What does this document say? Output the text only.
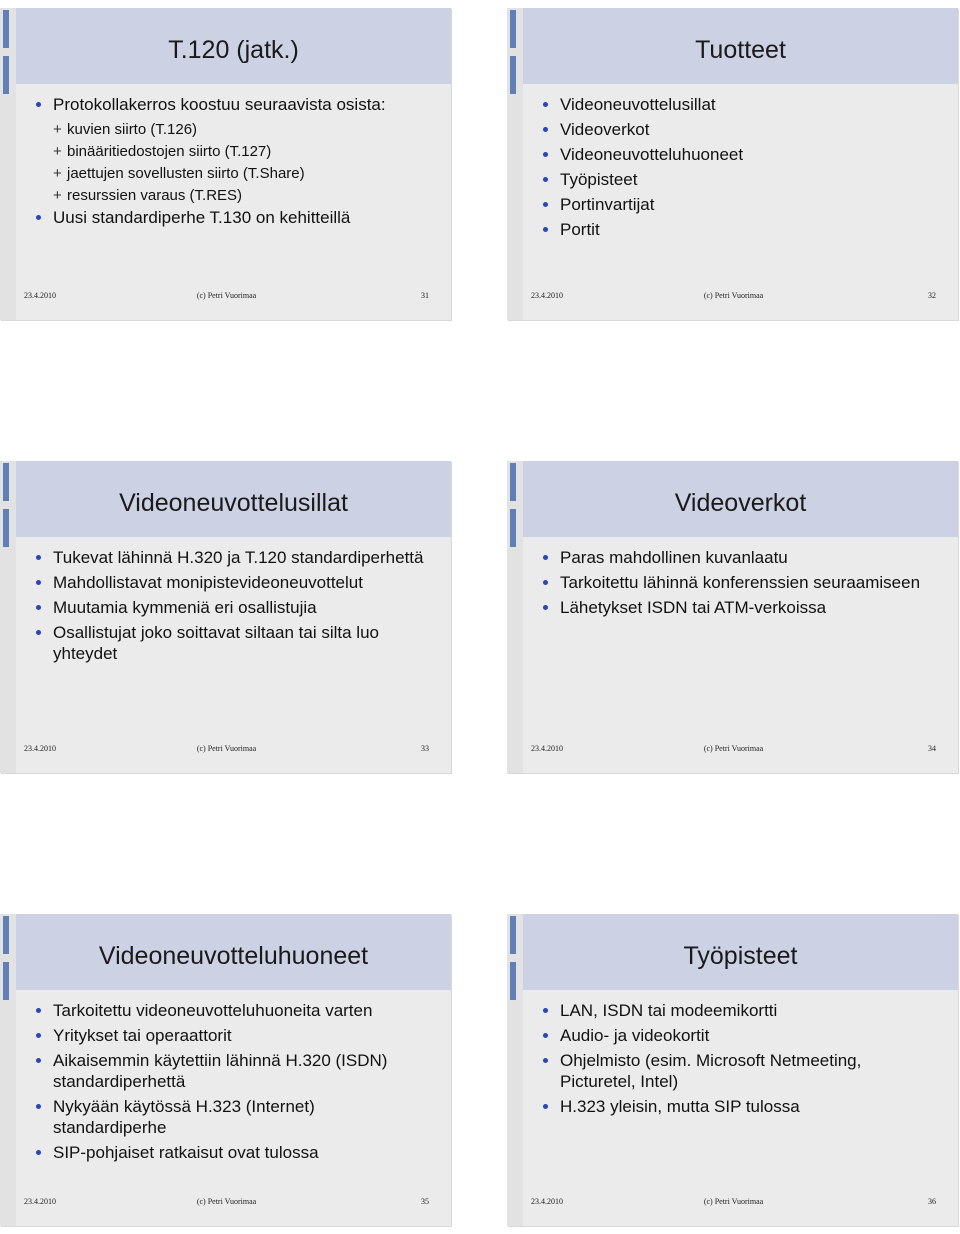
T.120 (jatk.)
Protokollakerros koostuu seuraavista osista:
+ kuvien siirto (T.126)
+ binääritiedostojen siirto (T.127)
+ jaettujen sovellusten siirto (T.Share)
+ resurssien varaus (T.RES)
Uusi standardiperhe T.130 on kehitteillä
23.4.2010	(c) Petri Vuorimaa	31
Tuotteet
Videoneuvottelusillat
Videoverkot
Videoneuvotteluhuoneet
Työpisteet
Portinvartijat
Portit
23.4.2010	(c) Petri Vuorimaa	32
Videoneuvottelusillat
Tukevat lähinnä H.320 ja T.120 standardiperhettä
Mahdollistavat monipistevideoneuvottelut
Muutamia kymmeniä eri osallistujia
Osallistujat joko soittavat siltaan tai silta luo yhteydet
23.4.2010	(c) Petri Vuorimaa	33
Videoverkot
Paras mahdollinen kuvanlaatu
Tarkoitettu lähinnä konferenssien seuraamiseen
Lähetykset ISDN tai ATM-verkoissa
23.4.2010	(c) Petri Vuorimaa	34
Videoneuvotteluhuoneet
Tarkoitettu videoneuvotteluhuoneita varten
Yritykset tai operaattorit
Aikaisemmin käytettiin lähinnä H.320 (ISDN) standardiperhettä
Nykyään käytössä H.323 (Internet) standardiperhe
SIP-pohjaiset ratkaisut ovat tulossa
23.4.2010	(c) Petri Vuorimaa	35
Työpisteet
LAN, ISDN tai modeemikortti
Audio- ja videokortit
Ohjelmisto (esim. Microsoft Netmeeting, Picturetel, Intel)
H.323 yleisin, mutta SIP tulossa
23.4.2010	(c) Petri Vuorimaa	36
